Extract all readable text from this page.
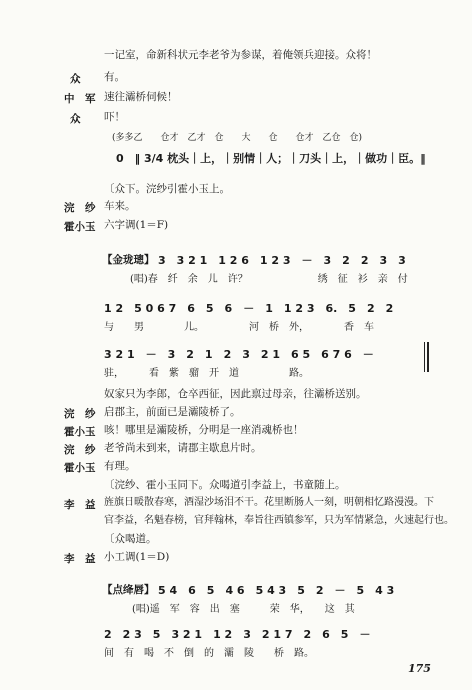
一记室，命新科状元李老爷为参谋，着俺领兵迎接。众将！
众 有。
中　军 速往灞桥伺候！
众 吓！
(多多乙　　仓才　乙才　仓　　大　　仓　　仓才　乙仓　仓)
0　‖ 3/4 枕头｜上，｜别情｜人；｜刀头｜上，｜做功｜臣。‖
〔众下。浣纱引霍小玉上。
浣　纱 车来。
霍小玉 六字调(1＝F)
【金珑璁】 3　3 2 1　1 2 6　1 2 3　－　3　2　2　3　3
(唱)春　纤　余　儿　许？　　　　　　　绣　征　衫　亲　付
1 2　5 0 6 7　6　5　6　－　1　1 2 3　6.　5　2　2
与　　男　　　　儿。　　　　　河　桥　外，　　　　香　车
3 2 1　－　3　2　1　2　3　2 1　6 5　6 7 6　－
驻，　　　看　紫　骝　开　道　　　　　路。
奴家只为李郎，仓卒西征，因此禀过母亲，往灞桥送别。
浣　纱 启郡主，前面已是灞陵桥了。
霍小玉 咳！哪里是灞陵桥，分明是一座消魂桥也！
浣　纱 老爷尚未到来，请郡主歇息片时。
霍小玉 有理。
〔浣纱、霍小玉同下。众喝道引李益上，书童随上。
李　益 旌旗日暖散春寒，酒湿沙场泪不干。花里断肠人一刻，明朝相忆路漫漫。下
官李益，名魁春榜，官拜翰林，奉旨往西镇参军，只为军情紧急，火速起行也。
〔众喝道。
李　益 小工调(1＝D)
【点绛唇】 5 4　6　5　4 6　5 4 3　5　2　－　5　4 3
(唱)遥　军　容　出　塞　　　荣　华，　　这　其
2　2 3　5　3 2 1　1 2　3　2 1 7　2　6　5　－
间　有　喝　不　倒　的　灞　陵　　桥　路。
175
